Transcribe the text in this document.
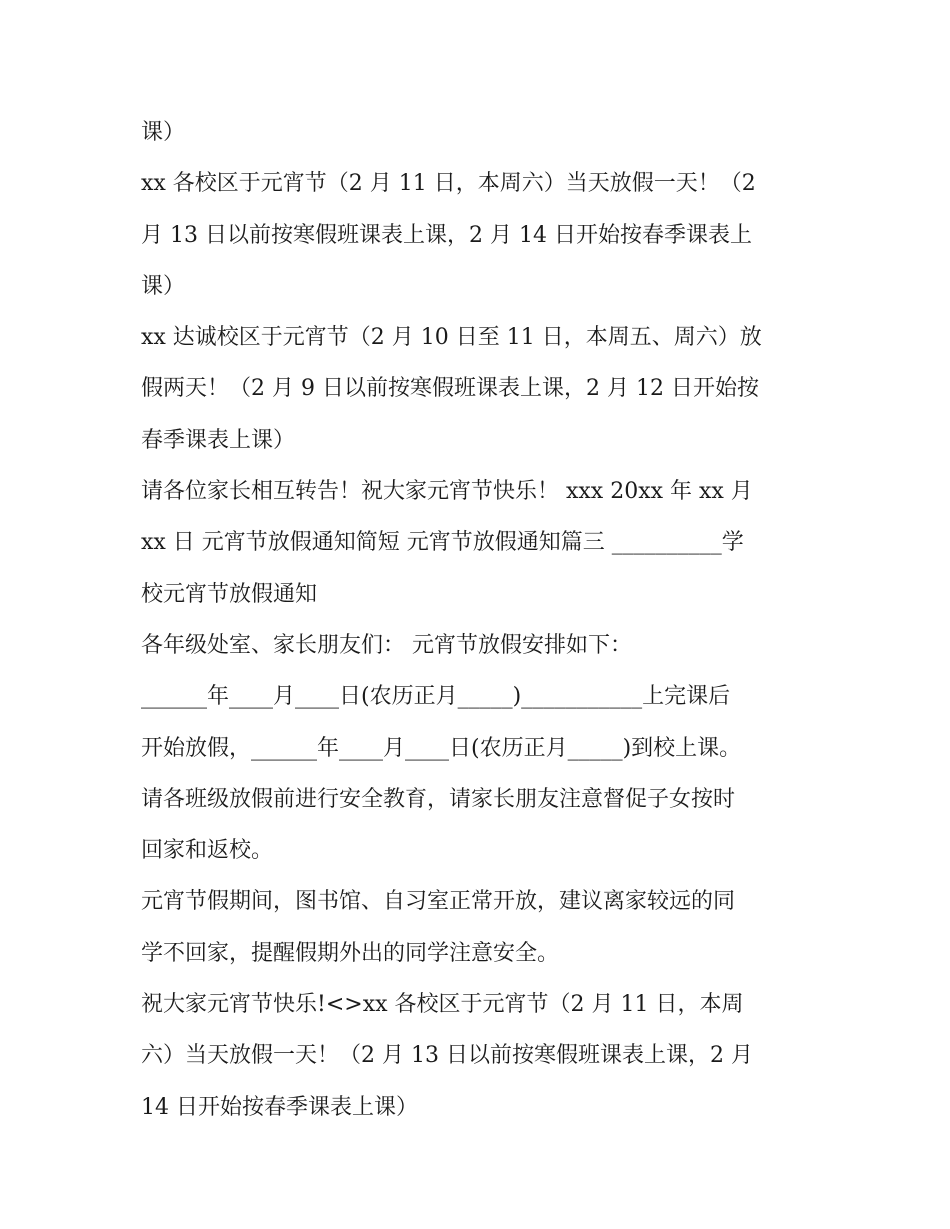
课）
xx 各校区于元宵节（2 月 11 日，本周六）当天放假一天！（2
月 13 日以前按寒假班课表上课，2 月 14 日开始按春季课表上
课）
xx 达诚校区于元宵节（2 月 10 日至 11 日，本周五、周六）放
假两天！（2 月 9 日以前按寒假班课表上课，2 月 12 日开始按
春季课表上课）
请各位家长相互转告！祝大家元宵节快乐！ xxx 20xx 年 xx 月
xx 日 元宵节放假通知简短 元宵节放假通知篇三 __________学
校元宵节放假通知
各年级处室、家长朋友们： 元宵节放假安排如下：
______年____月____日(农历正月_____)___________上完课后
开始放假，______年____月____日(农历正月_____)到校上课。
请各班级放假前进行安全教育，请家长朋友注意督促子女按时
回家和返校。
元宵节假期间，图书馆、自习室正常开放，建议离家较远的同
学不回家，提醒假期外出的同学注意安全。
祝大家元宵节快乐!<>xx 各校区于元宵节（2 月 11 日，本周
六）当天放假一天！（2 月 13 日以前按寒假班课表上课，2 月
14 日开始按春季课表上课）
